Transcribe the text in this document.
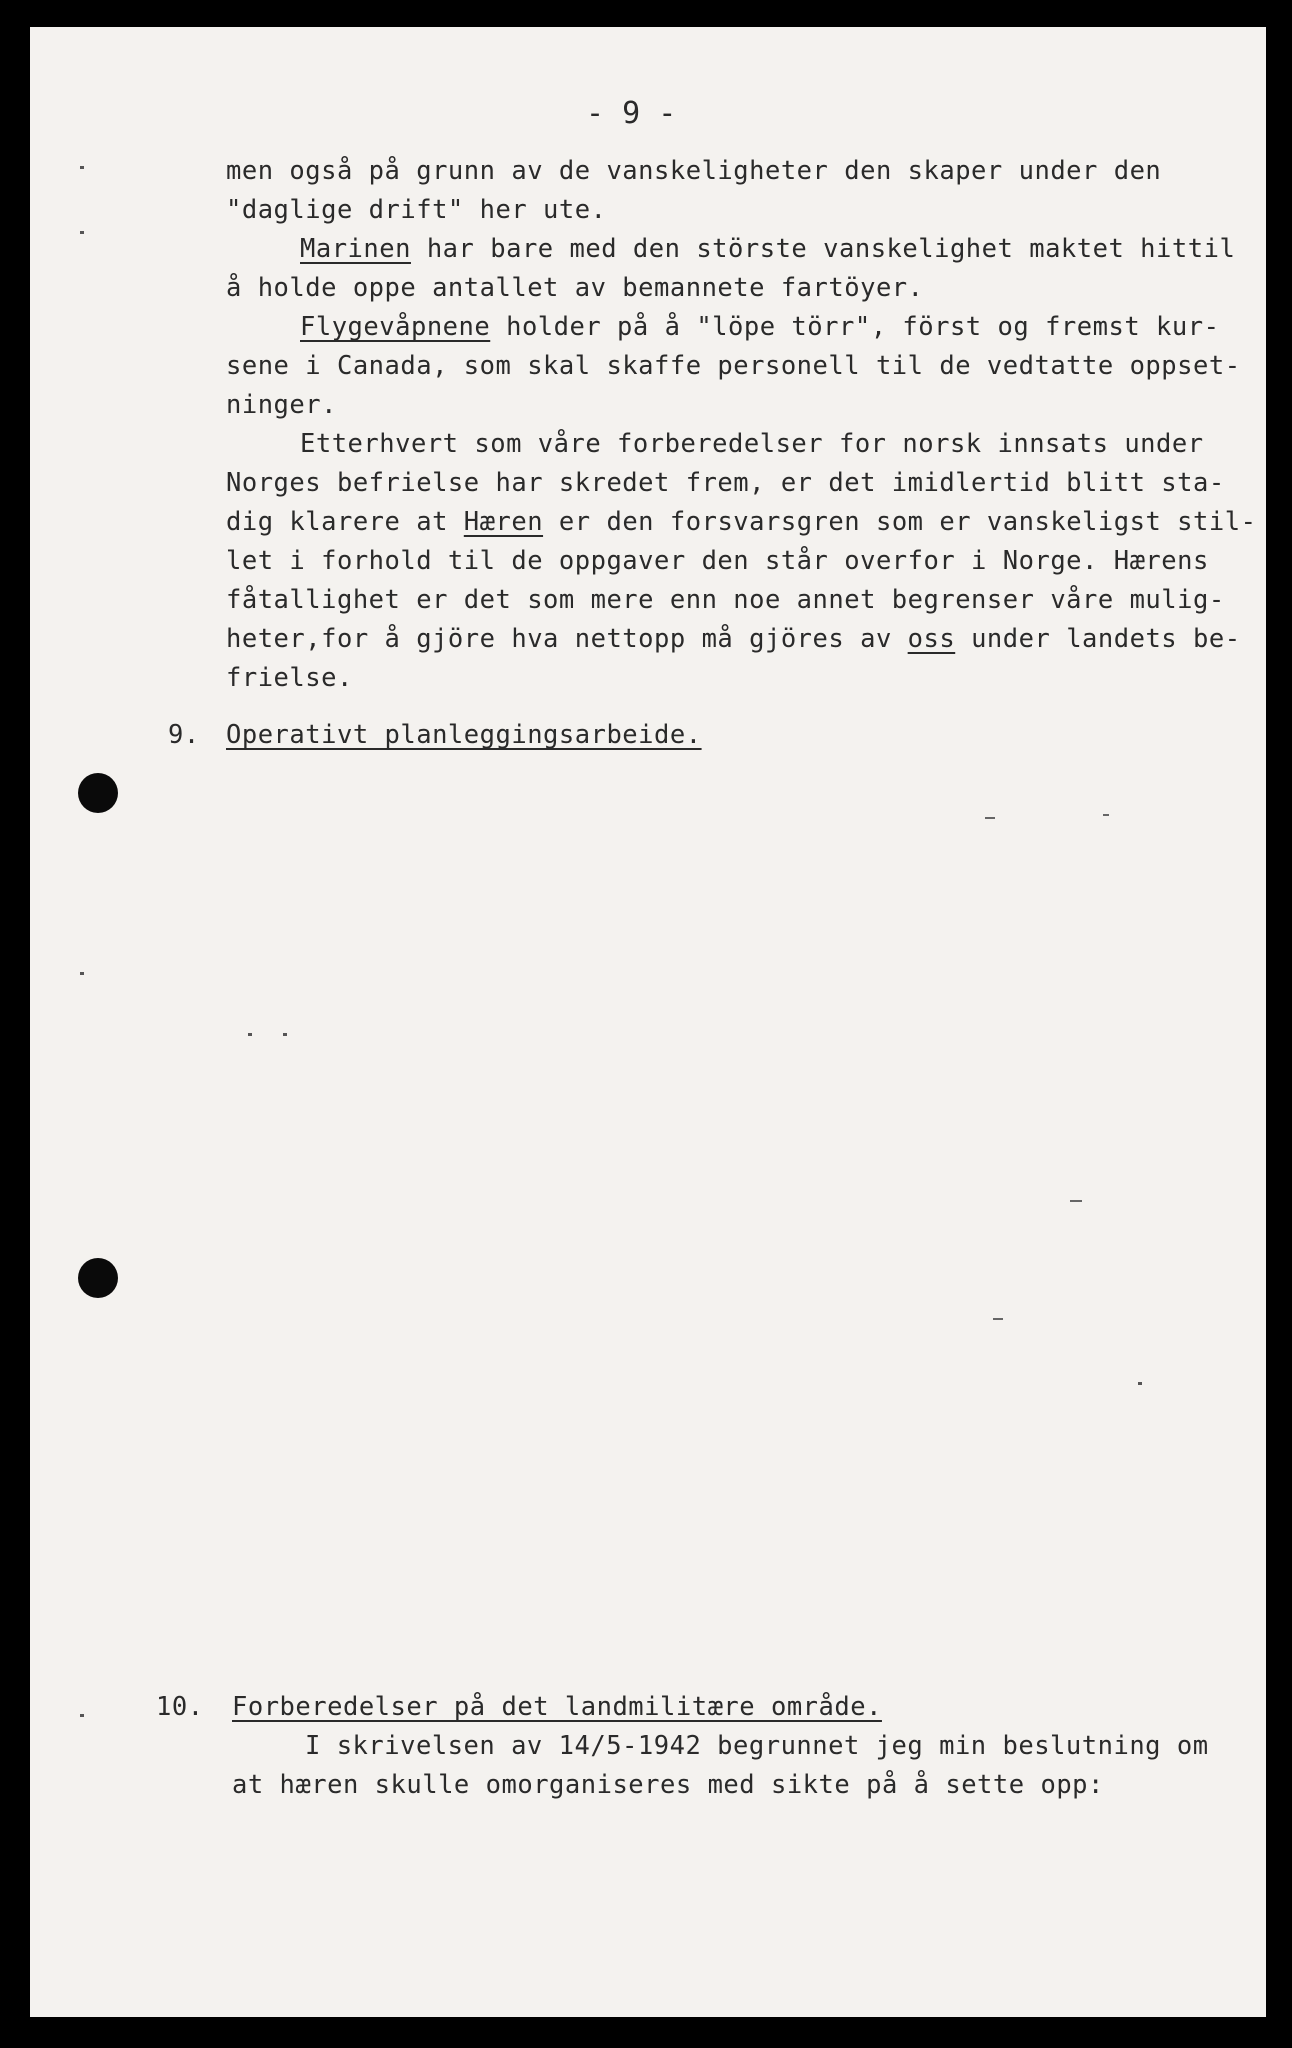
- 9 -
men også på grunn av de vanskeligheter den skaper under den
"daglige drift" her ute.
Marinen har bare med den störste vanskelighet maktet hittil
å holde oppe antallet av bemannete fartöyer.
Flygevåpnene holder på å "löpe törr", först og fremst kur-
sene i Canada, som skal skaffe personell til de vedtatte oppset-
ninger.
Etterhvert som våre forberedelser for norsk innsats under
Norges befrielse har skredet frem, er det imidlertid blitt sta-
dig klarere at Hæren er den forsvarsgren som er vanskeligst stil-
let i forhold til de oppgaver den står overfor i Norge. Hærens
fåtallighet er det som mere enn noe annet begrenser våre mulig-
heter,for å gjöre hva nettopp må gjöres av oss under landets be-
frielse.
9. Operativt planleggingsarbeide.
10. Forberedelser på det landmilitære område.
I skrivelsen av 14/5-1942 begrunnet jeg min beslutning om
at hæren skulle omorganiseres med sikte på å sette opp:
